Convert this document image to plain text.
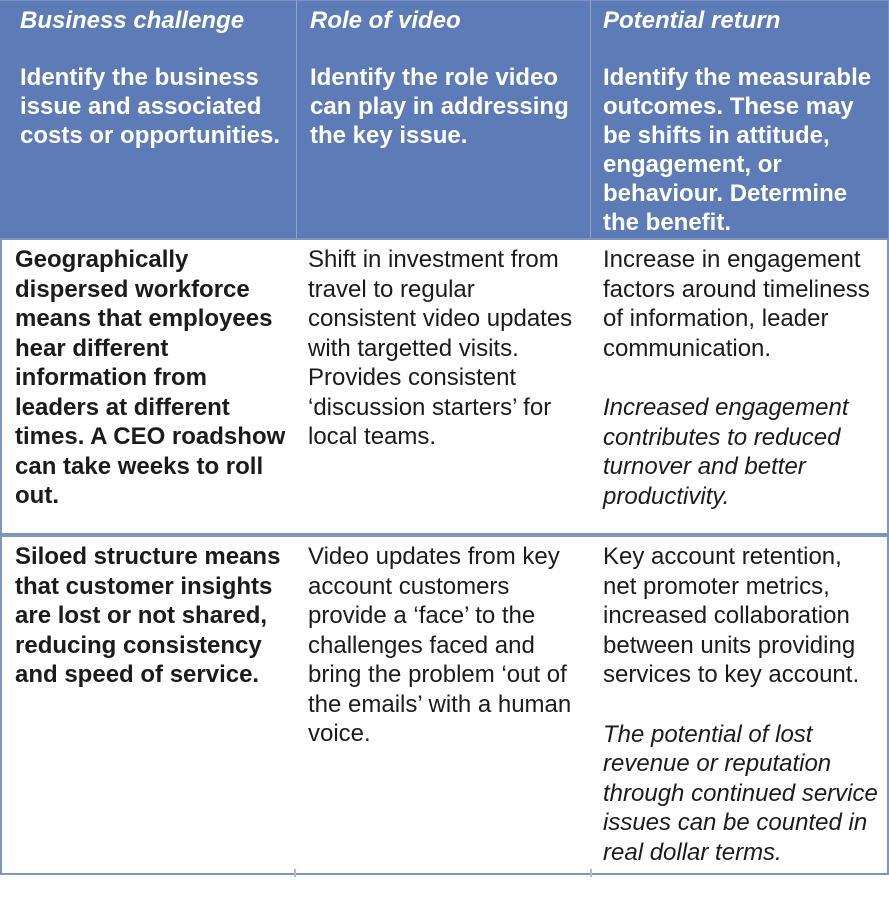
Business challenge
Identify the business issue and associated costs or opportunities.
Role of video
Identify the role video can play in addressing the key issue.
Potential return
Identify the measurable outcomes. These may be shifts in attitude, engagement, or behaviour. Determine the benefit.
Geographically dispersed workforce means that employees hear different information from leaders at different times. A CEO roadshow can take weeks to roll out.
Shift in investment from travel to regular consistent video updates with targetted visits. Provides consistent ‘discussion starters’ for local teams.
Increase in engagement factors around timeliness of information, leader communication.
Increased engagement contributes to reduced turnover and better productivity.
Siloed structure means that customer insights are lost or not shared, reducing consistency and speed of service.
Video updates from key account customers provide a ‘face’ to the challenges faced and bring the problem ‘out of the emails’ with a human voice.
Key account retention, net promoter metrics, increased collaboration between units providing services to key account.
The potential of lost revenue or reputation through continued service issues can be counted in real dollar terms.
